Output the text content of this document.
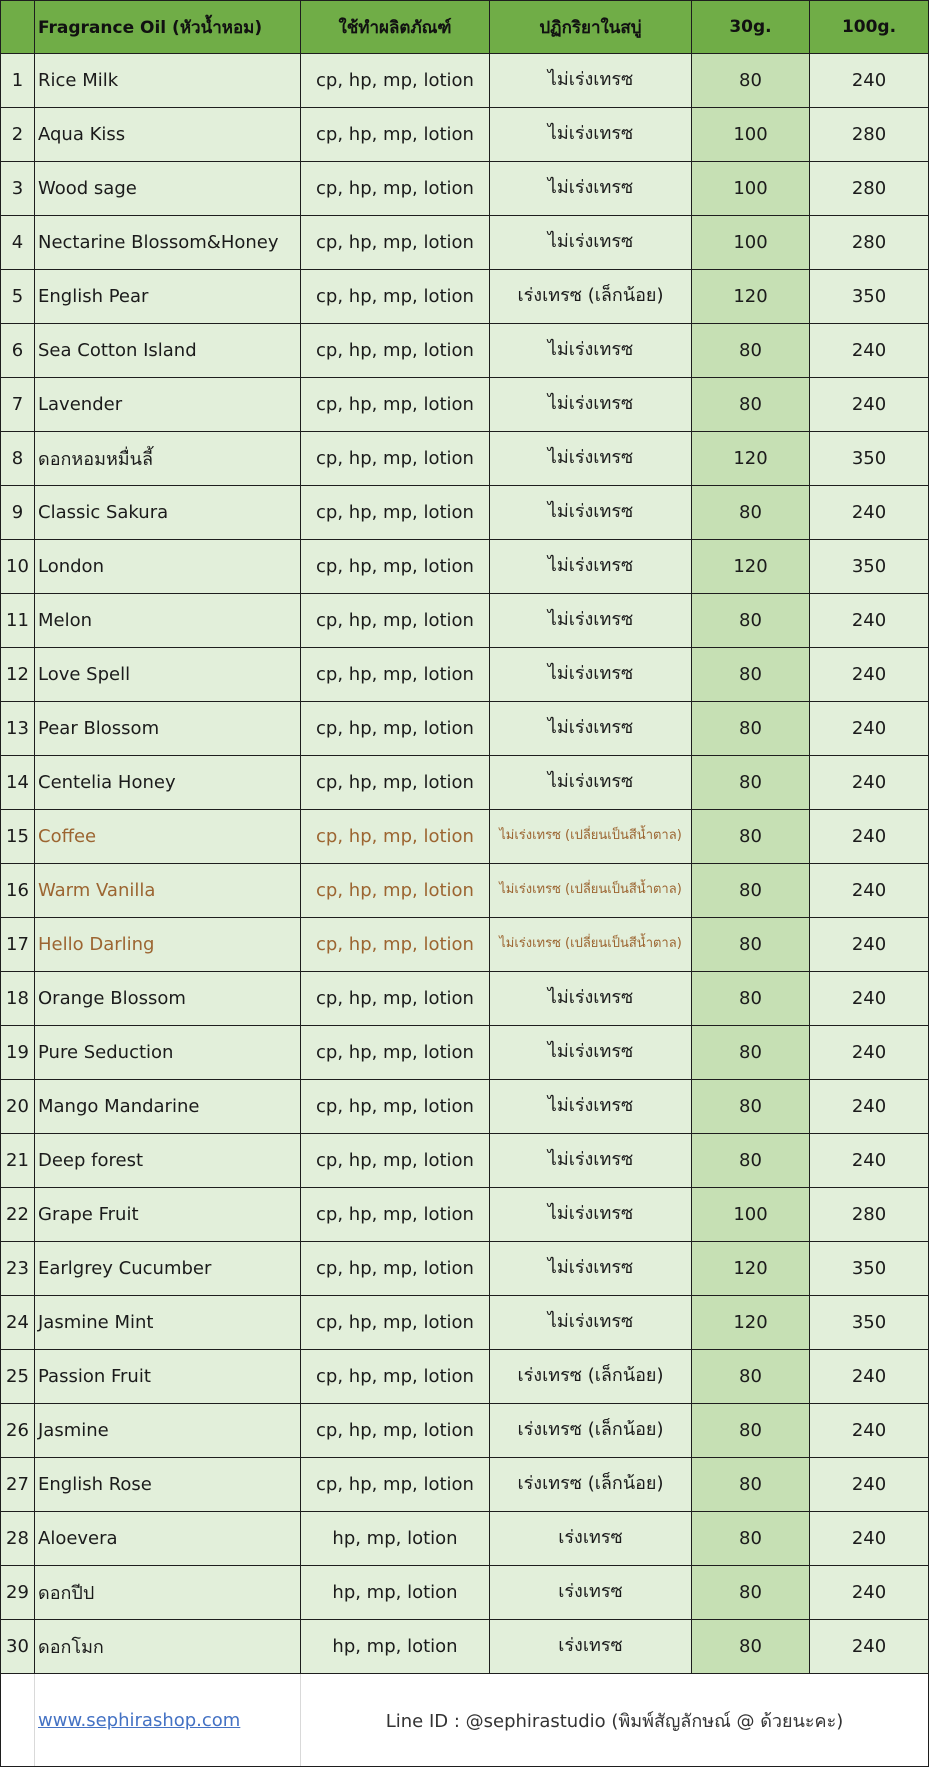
	Fragrance Oil (หัวน้ำหอม)	ใช้ทำผลิตภัณฑ์	ปฏิกริยาในสบู่	30g.	100g.
1	Rice Milk	cp, hp, mp, lotion	ไม่เร่งเทรซ	80	240
2	Aqua Kiss	cp, hp, mp, lotion	ไม่เร่งเทรซ	100	280
3	Wood sage	cp, hp, mp, lotion	ไม่เร่งเทรซ	100	280
4	Nectarine Blossom&Honey	cp, hp, mp, lotion	ไม่เร่งเทรซ	100	280
5	English Pear	cp, hp, mp, lotion	เร่งเทรซ (เล็กน้อย)	120	350
6	Sea Cotton Island	cp, hp, mp, lotion	ไม่เร่งเทรซ	80	240
7	Lavender	cp, hp, mp, lotion	ไม่เร่งเทรซ	80	240
8	ดอกหอมหมื่นลี้	cp, hp, mp, lotion	ไม่เร่งเทรซ	120	350
9	Classic Sakura	cp, hp, mp, lotion	ไม่เร่งเทรซ	80	240
10	London	cp, hp, mp, lotion	ไม่เร่งเทรซ	120	350
11	Melon	cp, hp, mp, lotion	ไม่เร่งเทรซ	80	240
12	Love Spell	cp, hp, mp, lotion	ไม่เร่งเทรซ	80	240
13	Pear Blossom	cp, hp, mp, lotion	ไม่เร่งเทรซ	80	240
14	Centelia Honey	cp, hp, mp, lotion	ไม่เร่งเทรซ	80	240
15	Coffee	cp, hp, mp, lotion	ไม่เร่งเทรซ (เปลี่ยนเป็นสีน้ำตาล)	80	240
16	Warm Vanilla	cp, hp, mp, lotion	ไม่เร่งเทรซ (เปลี่ยนเป็นสีน้ำตาล)	80	240
17	Hello Darling	cp, hp, mp, lotion	ไม่เร่งเทรซ (เปลี่ยนเป็นสีน้ำตาล)	80	240
18	Orange Blossom	cp, hp, mp, lotion	ไม่เร่งเทรซ	80	240
19	Pure Seduction	cp, hp, mp, lotion	ไม่เร่งเทรซ	80	240
20	Mango Mandarine	cp, hp, mp, lotion	ไม่เร่งเทรซ	80	240
21	Deep forest	cp, hp, mp, lotion	ไม่เร่งเทรซ	80	240
22	Grape Fruit	cp, hp, mp, lotion	ไม่เร่งเทรซ	100	280
23	Earlgrey Cucumber	cp, hp, mp, lotion	ไม่เร่งเทรซ	120	350
24	Jasmine Mint	cp, hp, mp, lotion	ไม่เร่งเทรซ	120	350
25	Passion Fruit	cp, hp, mp, lotion	เร่งเทรซ (เล็กน้อย)	80	240
26	Jasmine	cp, hp, mp, lotion	เร่งเทรซ (เล็กน้อย)	80	240
27	English Rose	cp, hp, mp, lotion	เร่งเทรซ (เล็กน้อย)	80	240
28	Aloevera	hp, mp, lotion	เร่งเทรซ	80	240
29	ดอกปีป	hp, mp, lotion	เร่งเทรซ	80	240
30	ดอกโมก	hp, mp, lotion	เร่งเทรซ	80	240
	www.sephirashop.com	Line ID : @sephirastudio (พิมพ์สัญลักษณ์ @ ด้วยนะคะ)			
